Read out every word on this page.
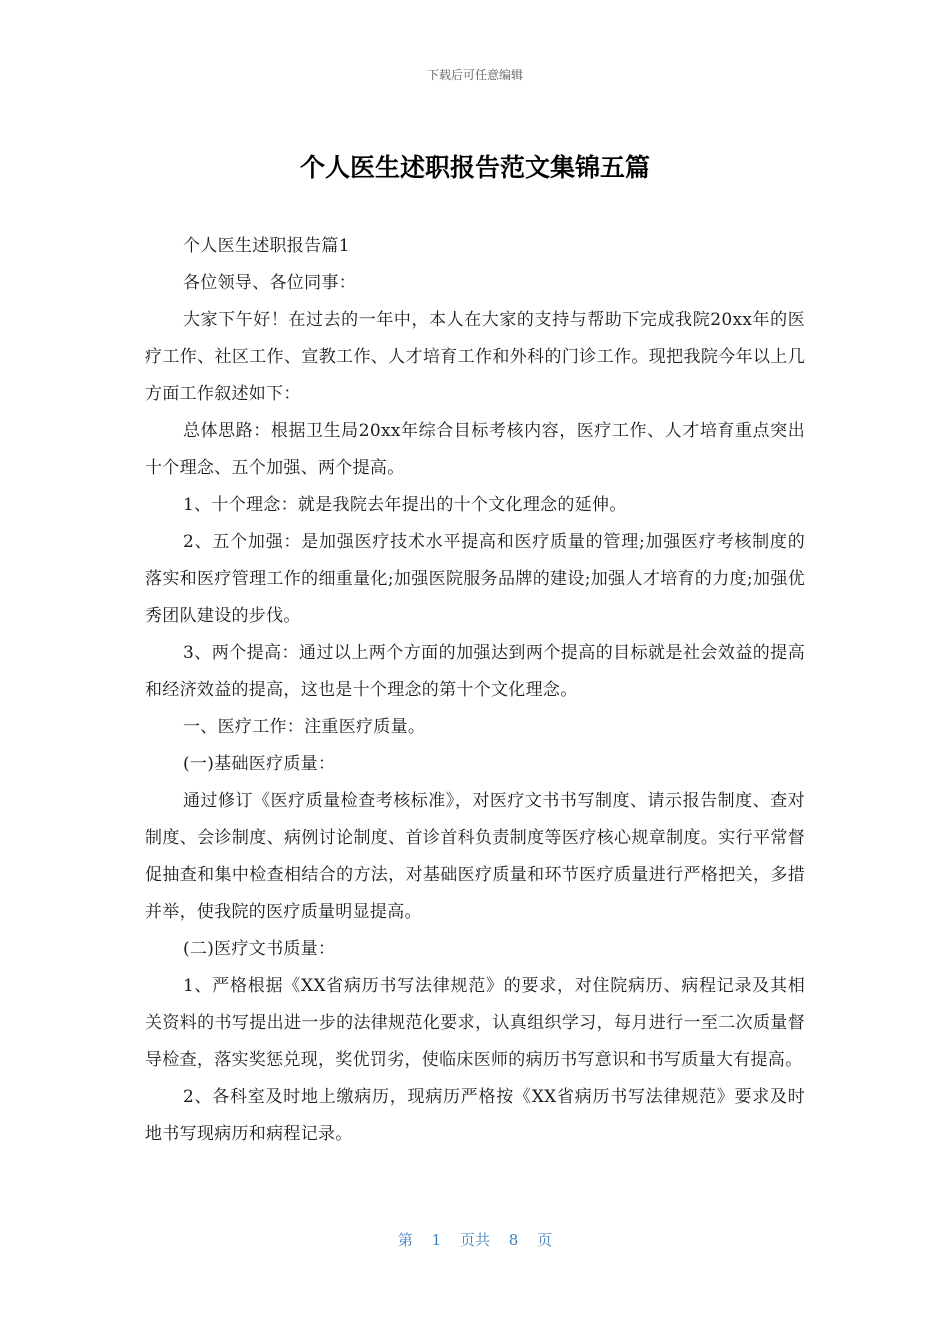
下载后可任意编辑
个人医生述职报告范文集锦五篇

个人医生述职报告篇1

各位领导、各位同事：

大家下午好！在过去的一年中，本人在大家的支持与帮助下完成我院20xx年的医疗工作、社区工作、宣教工作、人才培育工作和外科的门诊工作。现把我院今年以上几方面工作叙述如下：

总体思路：根据卫生局20xx年综合目标考核内容，医疗工作、人才培育重点突出十个理念、五个加强、两个提高。

1、十个理念：就是我院去年提出的十个文化理念的延伸。

2、五个加强：是加强医疗技术水平提高和医疗质量的管理;加强医疗考核制度的落实和医疗管理工作的细重量化;加强医院服务品牌的建设;加强人才培育的力度;加强优秀团队建设的步伐。

3、两个提高：通过以上两个方面的加强达到两个提高的目标就是社会效益的提高和经济效益的提高，这也是十个理念的第十个文化理念。

一、医疗工作：注重医疗质量。

(一)基础医疗质量：

通过修订《医疗质量检查考核标准》，对医疗文书书写制度、请示报告制度、查对制度、会诊制度、病例讨论制度、首诊首科负责制度等医疗核心规章制度。实行平常督促抽查和集中检查相结合的方法，对基础医疗质量和环节医疗质量进行严格把关，多措并举，使我院的医疗质量明显提高。

(二)医疗文书质量：

1、严格根据《XX省病历书写法律规范》的要求，对住院病历、病程记录及其相关资料的书写提出进一步的法律规范化要求，认真组织学习，每月进行一至二次质量督导检查，落实奖惩兑现，奖优罚劣，使临床医师的病历书写意识和书写质量大有提高。

2、各科室及时地上缴病历，现病历严格按《XX省病历书写法律规范》要求及时地书写现病历和病程记录。

第 1 页共 8 页
